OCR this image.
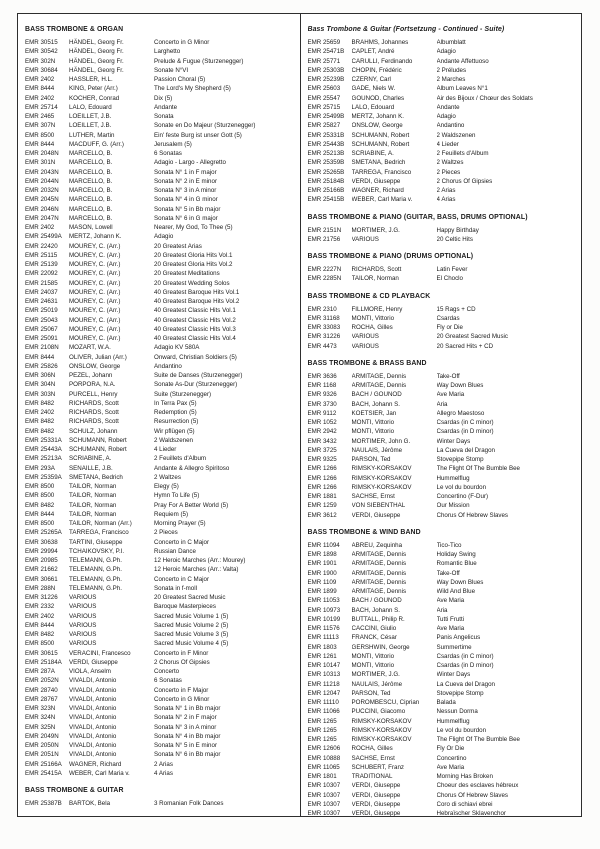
BASS TROMBONE & ORGAN
EMR 30515	HÄNDEL, Georg Fr.	Concerto in G Minor
EMR 30542	HÄNDEL, Georg Fr.	Larghetto
EMR 302N	HÄNDEL, Georg Fr.	Prelude & Fugue (Sturzenegger)
EMR 30684	HÄNDEL, Georg Fr.	Sonate N°VI
EMR 2402	HASSLER, H.L.	Passion Choral (5)
EMR 8444	KING, Peter (Arr.)	The Lord's My Shepherd (5)
EMR 2402	KOCHER, Conrad	Dix (5)
EMR 25714	LALO, Edouard	Andante
EMR 2465	LOEILLET, J.B.	Sonata
EMR 307N	LOEILLET, J.B.	Sonate en Do Majeur (Sturzenegger)
EMR 8500	LUTHER, Martin	Ein' feste Burg ist unser Gott (5)
EMR 8444	MACDUFF, G. (Arr.)	Jerusalem (5)
EMR 2048N	MARCELLO, B.	6 Sonatas
EMR 301N	MARCELLO, B.	Adagio - Largo - Allegretto
EMR 2043N	MARCELLO, B.	Sonata N° 1 in F major
EMR 2044N	MARCELLO, B.	Sonata N° 2 in E minor
EMR 2032N	MARCELLO, B.	Sonata N° 3 in A minor
EMR 2045N	MARCELLO, B.	Sonata N° 4 in G minor
EMR 2046N	MARCELLO, B.	Sonata N° 5 in Bb major
EMR 2047N	MARCELLO, B.	Sonata N° 6 in G major
EMR 2402	MASON, Lowell	Nearer, My God, To Thee (5)
EMR 25499A	MERTZ, Johann K.	Adagio
EMR 22420	MOUREY, C. (Arr.)	20 Greatest Arias
EMR 25115	MOUREY, C. (Arr.)	20 Greatest Gloria Hits Vol.1
EMR 25139	MOUREY, C. (Arr.)	20 Greatest Gloria Hits Vol.2
EMR 22092	MOUREY, C. (Arr.)	20 Greatest Meditations
EMR 21585	MOUREY, C. (Arr.)	20 Greatest Wedding Solos
EMR 24037	MOUREY, C. (Arr.)	40 Greatest Baroque Hits Vol.1
EMR 24631	MOUREY, C. (Arr.)	40 Greatest Baroque Hits Vol.2
EMR 25019	MOUREY, C. (Arr.)	40 Greatest Classic Hits Vol.1
EMR 25043	MOUREY, C. (Arr.)	40 Greatest Classic Hits Vol.2
EMR 25067	MOUREY, C. (Arr.)	40 Greatest Classic Hits Vol.3
EMR 25091	MOUREY, C. (Arr.)	40 Greatest Classic Hits Vol.4
EMR 2108N	MOZART, W.A.	Adagio KV 580A
EMR 8444	OLIVER, Julian (Arr.)	Onward, Christian Soldiers (5)
EMR 25826	ONSLOW, George	Andantino
EMR 306N	PEZEL, Johann	Suite de Danses (Sturzenegger)
EMR 304N	PORPORA, N.A.	Sonate As-Dur (Sturzenegger)
EMR 303N	PURCELL, Henry	Suite (Sturzenegger)
EMR 8482	RICHARDS, Scott	In Terra Pax (5)
EMR 2402	RICHARDS, Scott	Redemption (5)
EMR 8482	RICHARDS, Scott	Resurrection (5)
EMR 8482	SCHULZ, Johann	Wir pflügen (5)
EMR 25331A	SCHUMANN, Robert	2 Waldszenen
EMR 25443A	SCHUMANN, Robert	4 Lieder
EMR 25213A	SCRIABINE, A.	2 Feuillets d'Album
EMR 293A	SENAILLE, J.B.	Andante & Allegro Spiritoso
EMR 25359A	SMETANA, Bedrich	2 Waltzes
EMR 8500	TAILOR, Norman	Elegy (5)
EMR 8500	TAILOR, Norman	Hymn To Life (5)
EMR 8482	TAILOR, Norman	Pray For A Better World (5)
EMR 8444	TAILOR, Norman	Requiem (5)
EMR 8500	TAILOR, Norman (Arr.)	Morning Prayer (5)
EMR 25265A	TARREGA, Francisco	2 Pieces
EMR 30638	TARTINI, Giuseppe	Concerto in C Major
EMR 29994	TCHAIKOVSKY, P.I.	Russian Dance
EMR 20985	TELEMANN, G.Ph.	12 Heroic Marches (Arr.: Mourey)
EMR 21662	TELEMANN, G.Ph.	12 Heroic Marches (Arr.: Valta)
EMR 30661	TELEMANN, G.Ph.	Concerto in C Major
EMR 288N	TELEMANN, G.Ph.	Sonata in f-moll
EMR 31226	VARIOUS	20 Greatest Sacred Music
EMR 2332	VARIOUS	Baroque Masterpieces
EMR 2402	VARIOUS	Sacred Music Volume 1 (5)
EMR 8444	VARIOUS	Sacred Music Volume 2 (5)
EMR 8482	VARIOUS	Sacred Music Volume 3 (5)
EMR 8500	VARIOUS	Sacred Music Volume 4 (5)
EMR 30615	VERACINI, Francesco	Concerto in F Minor
EMR 25184A	VERDI, Giuseppe	2 Chorus Of Gipsies
EMR 287A	VIOLA, Anselm	Concerto
EMR 2052N	VIVALDI, Antonio	6 Sonatas
EMR 28740	VIVALDI, Antonio	Concerto in F Major
EMR 28767	VIVALDI, Antonio	Concerto in G Minor
EMR 323N	VIVALDI, Antonio	Sonata N° 1 in Bb major
EMR 324N	VIVALDI, Antonio	Sonata N° 2 in F major
EMR 325N	VIVALDI, Antonio	Sonata N° 3 in A minor
EMR 2049N	VIVALDI, Antonio	Sonata N° 4 in Bb major
EMR 2050N	VIVALDI, Antonio	Sonata N° 5 in E minor
EMR 2051N	VIVALDI, Antonio	Sonata N° 6 in Bb major
EMR 25166A	WAGNER, Richard	2 Arias
EMR 25415A	WEBER, Carl Maria v.	4 Arias
BASS TROMBONE & GUITAR
EMR 25387B	BARTOK, Bela	3 Romanian Folk Dances
Bass Trombone & Guitar (Fortsetzung - Continued - Suite)
EMR 25659	BRAHMS, Johannes	Albumblatt
EMR 25471B	CAPLET, André	Adagio
EMR 25771	CARULLI, Ferdinando	Andante Affettuoso
EMR 25303B	CHOPIN, Frédéric	2 Préludes
EMR 25239B	CZERNY, Carl	2 Marches
EMR 25603	GADE, Niels W.	Album Leaves N°1
EMR 25547	GOUNOD, Charles	Air des Bijoux / Chœur des Soldats
EMR 25715	LALO, Edouard	Andante
EMR 25499B	MERTZ, Johann K.	Adagio
EMR 25827	ONSLOW, George	Andantino
EMR 25331B	SCHUMANN, Robert	2 Waldszenen
EMR 25443B	SCHUMANN, Robert	4 Lieder
EMR 25213B	SCRIABINE, A.	2 Feuillets d'Album
EMR 25359B	SMETANA, Bedrich	2 Waltzes
EMR 25265B	TARREGA, Francisco	2 Pieces
EMR 25184B	VERDI, Giuseppe	2 Chorus Of Gipsies
EMR 25166B	WAGNER, Richard	2 Arias
EMR 25415B	WEBER, Carl Maria v.	4 Arias
BASS TROMBONE & PIANO (GUITAR, BASS, DRUMS OPTIONAL)
EMR 2151N	MORTIMER, J.G.	Happy Birthday
EMR 21756	VARIOUS	20 Celtic Hits
BASS TROMBONE & PIANO (DRUMS OPTIONAL)
EMR 2227N	RICHARDS, Scott	Latin Fever
EMR 2285N	TAILOR, Norman	El Choclo
BASS TROMBONE & CD PLAYBACK
EMR 2310	FILLMORE, Henry	15 Rags + CD
EMR 31168	MONTI, Vittorio	Csardas
EMR 33083	ROCHA, Gilles	Fly or Die
EMR 31226	VARIOUS	20 Greatest Sacred Music
EMR 4473	VARIOUS	20 Sacred Hits + CD
BASS TROMBONE & BRASS BAND
EMR 3636	ARMITAGE, Dennis	Take-Off
EMR 1168	ARMITAGE, Dennis	Way Down Blues
EMR 9326	BACH / GOUNOD	Ave Maria
EMR 3730	BACH, Johann S.	Aria
EMR 9112	KOETSIER, Jan	Allegro Maestoso
EMR 1052	MONTI, Vittorio	Csardas (in C minor)
EMR 2942	MONTI, Vittorio	Csardas (in D minor)
EMR 3432	MORTIMER, John G.	Winter Days
EMR 3725	NAULAIS, Jérôme	La Cueva del Dragon
EMR 9325	PARSON, Ted	Stovepipe Stomp
EMR 1266	RIMSKY-KORSAKOV	The Flight Of The Bumble Bee
EMR 1266	RIMSKY-KORSAKOV	Hummelflug
EMR 1266	RIMSKY-KORSAKOV	Le vol du bourdon
EMR 1881	SACHSE, Ernst	Concertino (F-Dur)
EMR 1259	VON SIEBENTHAL	Our Mission
EMR 3612	VERDI, Giuseppe	Chorus Of Hebrew Slaves
BASS TROMBONE & WIND BAND
EMR 11094	ABREU, Zequinha	Tico-Tico
EMR 1898	ARMITAGE, Dennis	Holiday Swing
EMR 1901	ARMITAGE, Dennis	Romantic Blue
EMR 1900	ARMITAGE, Dennis	Take-Off
EMR 1109	ARMITAGE, Dennis	Way Down Blues
EMR 1899	ARMITAGE, Dennis	Wild And Blue
EMR 11053	BACH / GOUNOD	Ave Maria
EMR 10973	BACH, Johann S.	Aria
EMR 10199	BUTTALL, Philip R.	Tutti Frutti
EMR 11576	CACCINI, Giulio	Ave Maria
EMR 11113	FRANCK, César	Panis Angelicus
EMR 1803	GERSHWIN, George	Summertime
EMR 1261	MONTI, Vittorio	Csardas (in C minor)
EMR 10147	MONTI, Vittorio	Csardas (in D minor)
EMR 10313	MORTIMER, J.G.	Winter Days
EMR 11218	NAULAIS, Jérôme	La Cueva del Dragon
EMR 12047	PARSON, Ted	Stovepipe Stomp
EMR 11110	POROMBESCU, Ciprian	Balada
EMR 11066	PUCCINI, Giacomo	Nessun Dorma
EMR 1265	RIMSKY-KORSAKOV	Hummelflug
EMR 1265	RIMSKY-KORSAKOV	Le vol du bourdon
EMR 1265	RIMSKY-KORSAKOV	The Flight Of The Bumble Bee
EMR 12606	ROCHA, Gilles	Fly Or Die
EMR 10888	SACHSE, Ernst	Concertino
EMR 11065	SCHUBERT, Franz	Ave Maria
EMR 1801	TRADITIONAL	Morning Has Broken
EMR 10307	VERDI, Giuseppe	Choeur des esclaves hébreux
EMR 10307	VERDI, Giuseppe	Chorus Of Hebrew Slaves
EMR 10307	VERDI, Giuseppe	Coro di schiavi ebrei
EMR 10307	VERDI, Giuseppe	Hebraïscher Sklavenchor
